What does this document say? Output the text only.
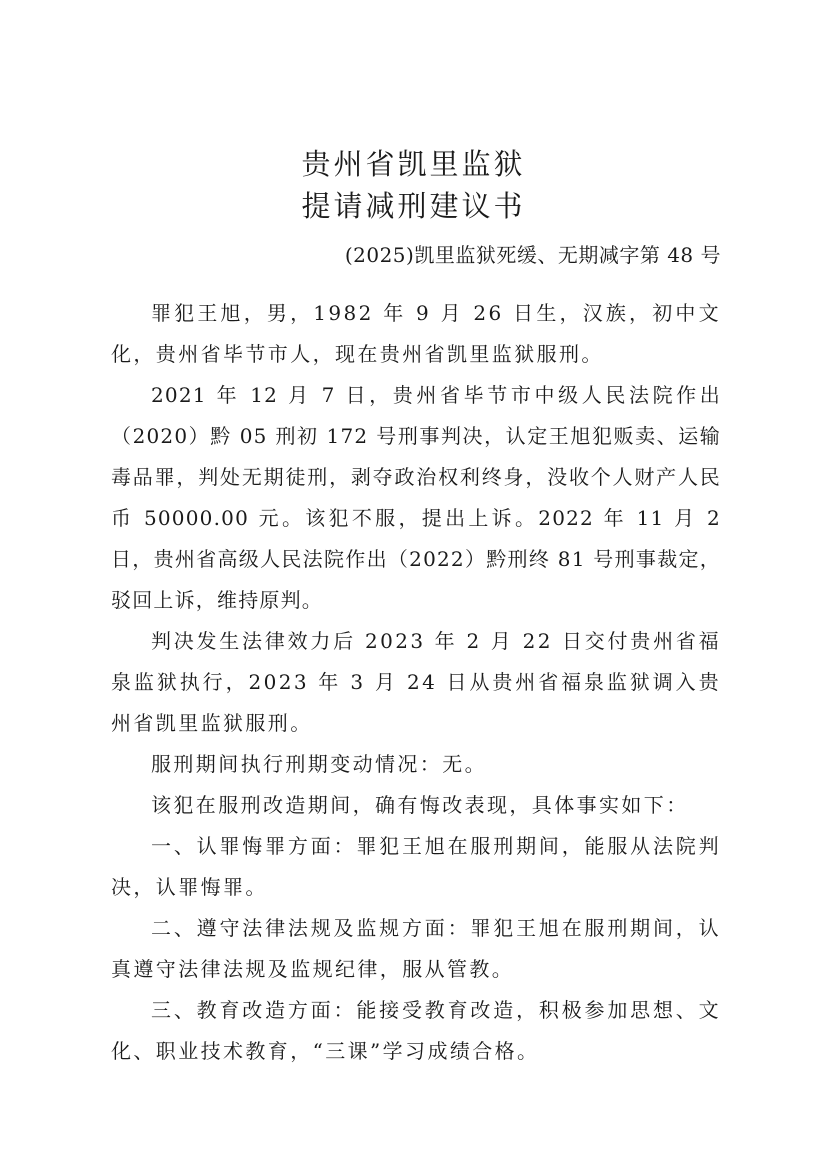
贵州省凯里监狱
提请减刑建议书
(2025)凯里监狱死缓、无期减字第 48 号

罪犯王旭，男，1982 年 9 月 26 日生，汉族，初中文化，贵州省毕节市人，现在贵州省凯里监狱服刑。

2021 年 12 月 7 日，贵州省毕节市中级人民法院作出（2020）黔 05 刑初 172 号刑事判决，认定王旭犯贩卖、运输毒品罪，判处无期徒刑，剥夺政治权利终身，没收个人财产人民币 50000.00 元。该犯不服，提出上诉。2022 年 11 月 2 日，贵州省高级人民法院作出（2022）黔刑终 81 号刑事裁定，驳回上诉，维持原判。

判决发生法律效力后 2023 年 2 月 22 日交付贵州省福泉监狱执行，2023 年 3 月 24 日从贵州省福泉监狱调入贵州省凯里监狱服刑。

服刑期间执行刑期变动情况：无。

该犯在服刑改造期间，确有悔改表现，具体事实如下：

一、认罪悔罪方面：罪犯王旭在服刑期间，能服从法院判决，认罪悔罪。

二、遵守法律法规及监规方面：罪犯王旭在服刑期间，认真遵守法律法规及监规纪律，服从管教。

三、教育改造方面：能接受教育改造，积极参加思想、文化、职业技术教育，“三课”学习成绩合格。
